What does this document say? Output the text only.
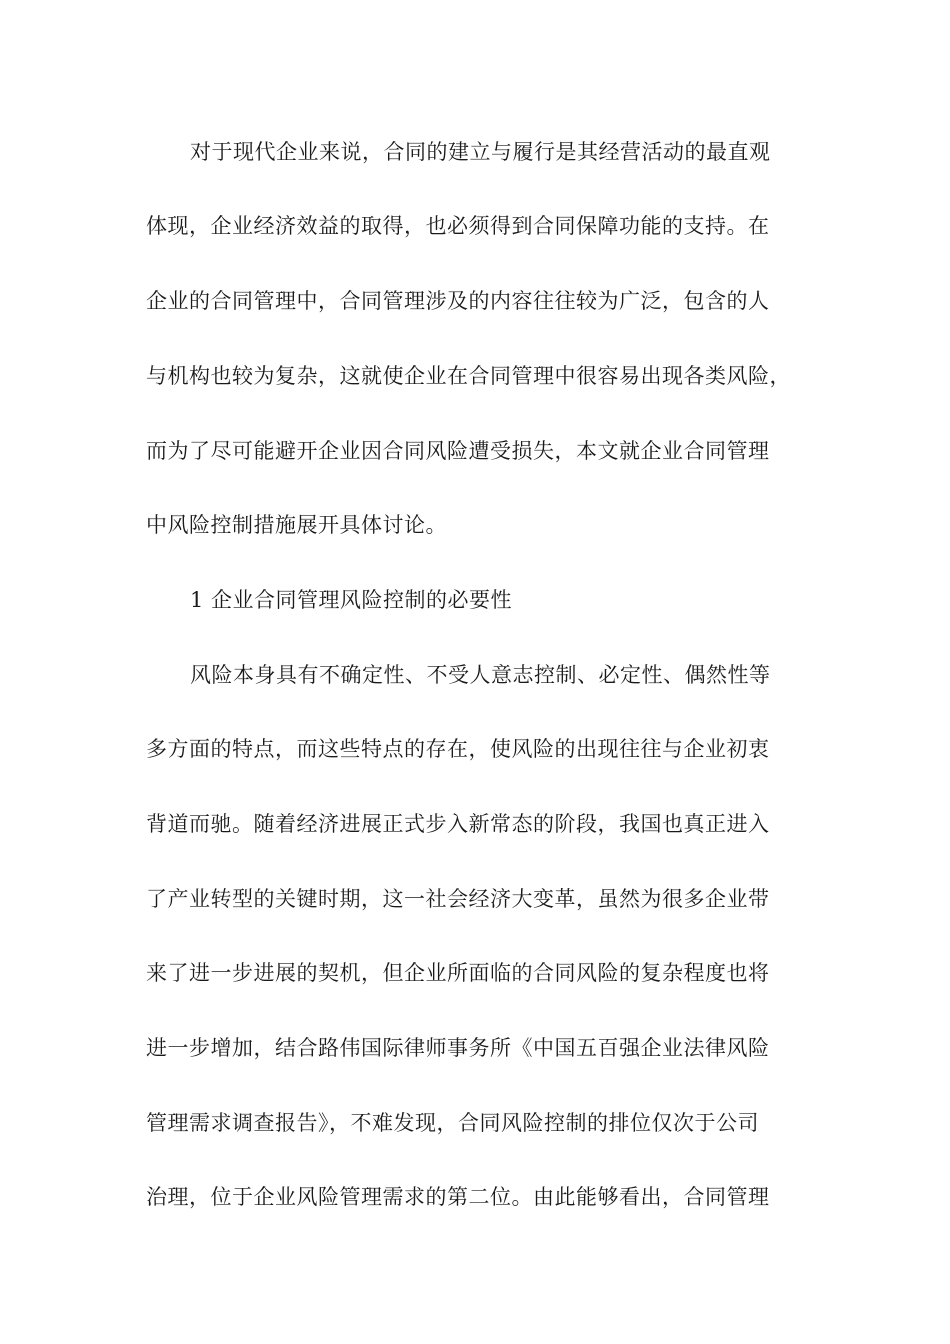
对于现代企业来说，合同的建立与履行是其经营活动的最直观
体现，企业经济效益的取得，也必须得到合同保障功能的支持。在
企业的合同管理中，合同管理涉及的内容往往较为广泛，包含的人
与机构也较为复杂，这就使企业在合同管理中很容易出现各类风险，
而为了尽可能避开企业因合同风险遭受损失，本文就企业合同管理
中风险控制措施展开具体讨论。
1 企业合同管理风险控制的必要性
风险本身具有不确定性、不受人意志控制、必定性、偶然性等
多方面的特点，而这些特点的存在，使风险的出现往往与企业初衷
背道而驰。随着经济进展正式步入新常态的阶段，我国也真正进入
了产业转型的关键时期，这一社会经济大变革，虽然为很多企业带
来了进一步进展的契机，但企业所面临的合同风险的复杂程度也将
进一步增加，结合路伟国际律师事务所《中国五百强企业法律风险
管理需求调查报告》，不难发现，合同风险控制的排位仅次于公司
治理，位于企业风险管理需求的第二位。由此能够看出，合同管理
